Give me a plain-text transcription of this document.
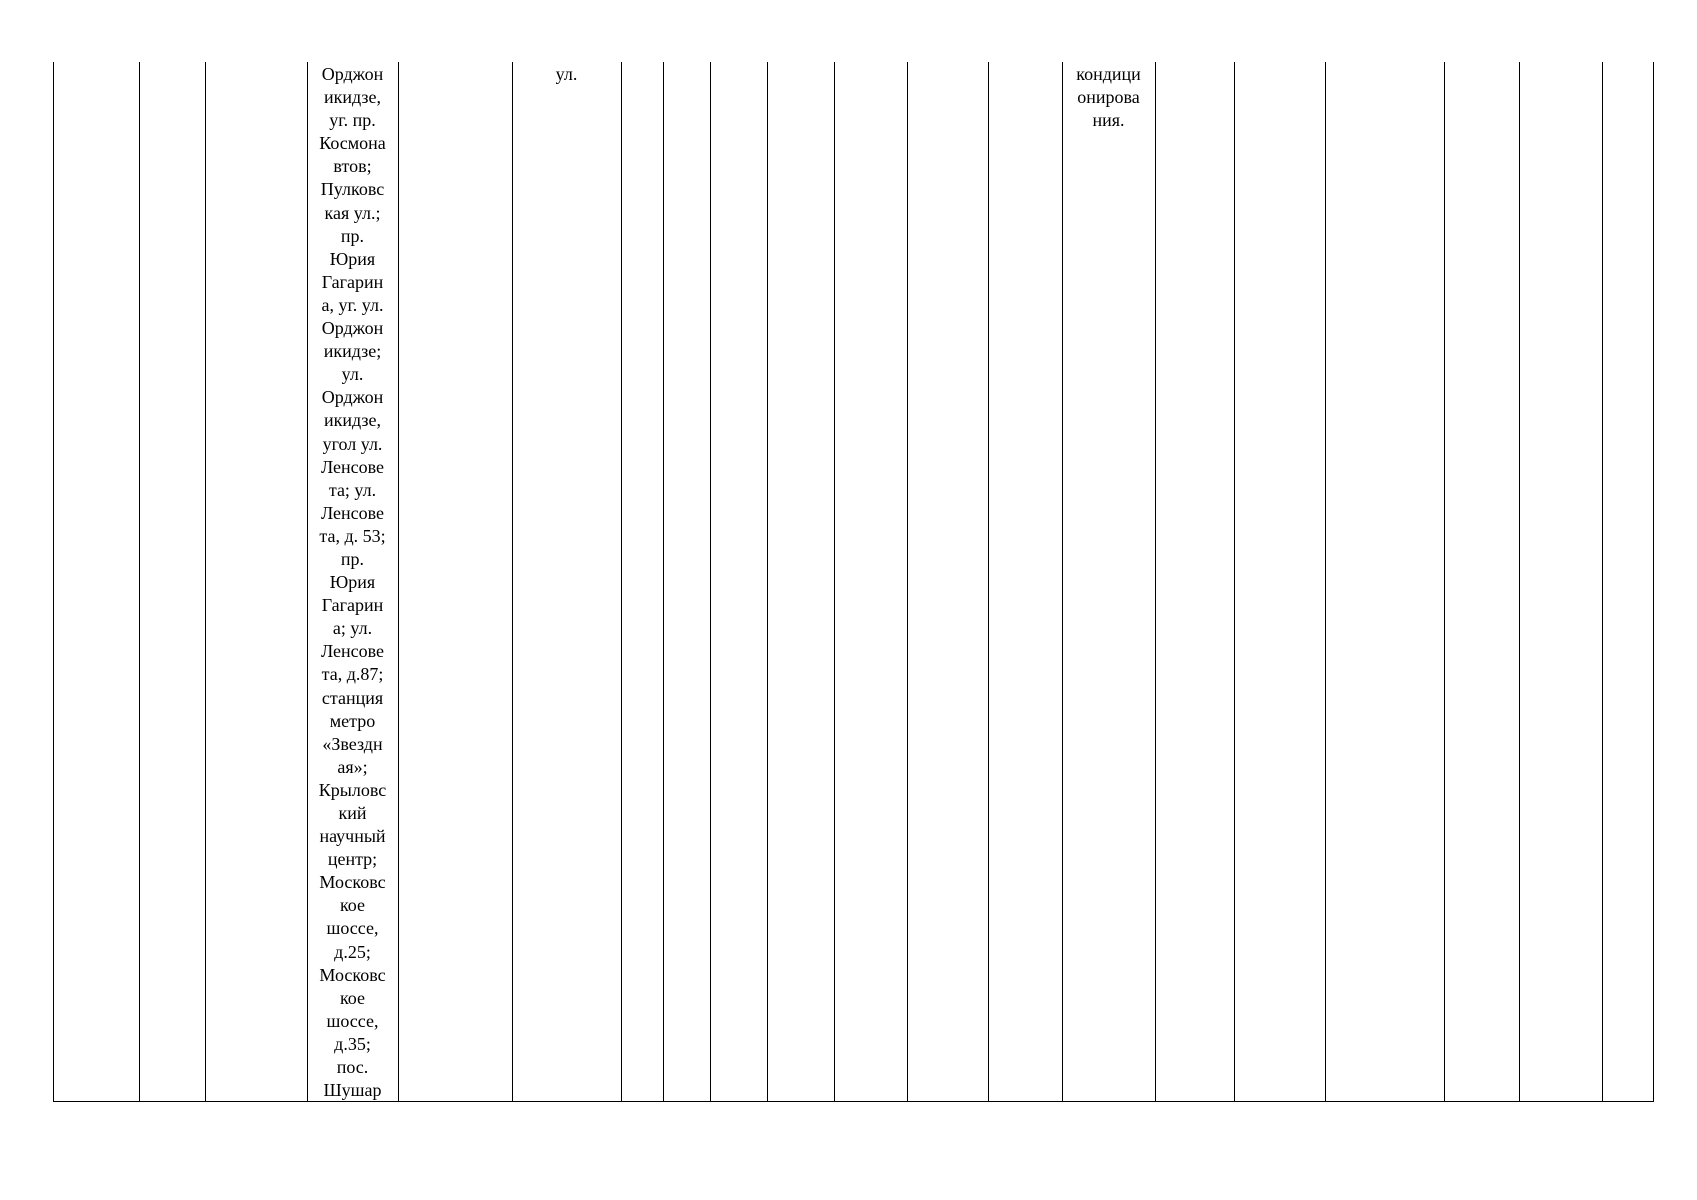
Орджон
икидзе,
уг. пр.
Космона
втов;
Пулковс
кая ул.;
пр.
Юрия
Гагарин
а, уг. ул.
Орджон
икидзе;
ул.
Орджон
икидзе,
угол ул.
Ленсове
та; ул.
Ленсове
та, д. 53;
пр.
Юрия
Гагарин
а; ул.
Ленсове
та, д.87;
станция
метро
«Звездн
ая»;
Крыловс
кий
научный
центр;
Московс
кое
шоссе,
д.25;
Московс
кое
шоссе,
д.35;
пос.
Шушар
ул.	кондици
онирова
ния.
